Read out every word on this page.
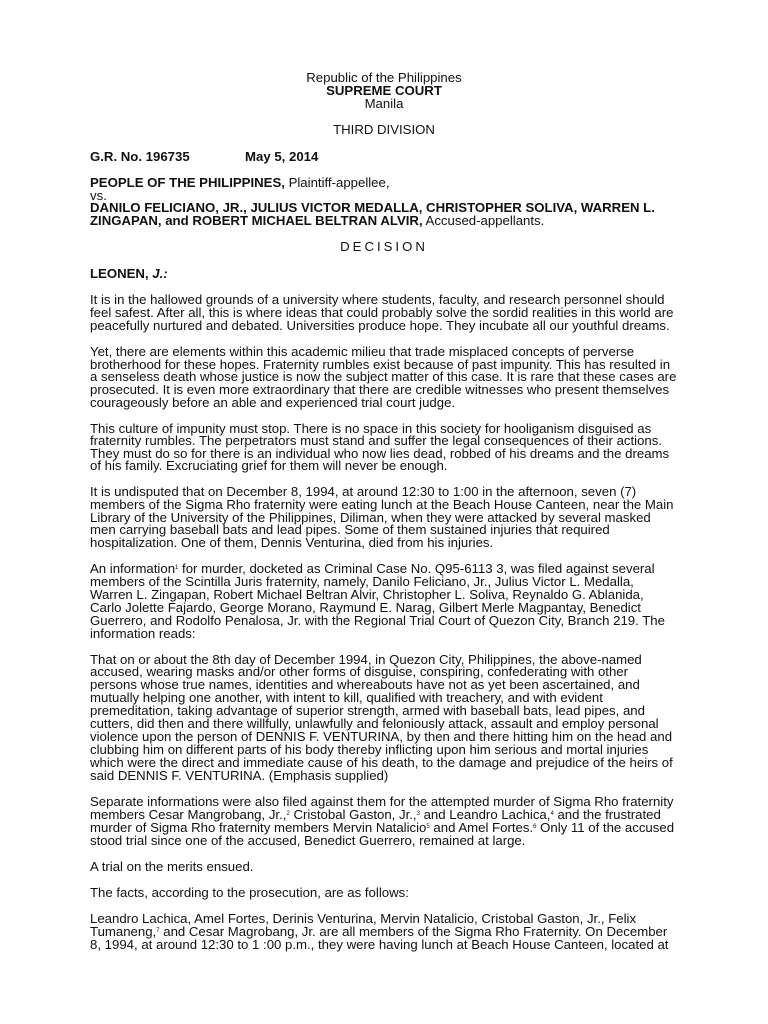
Republic of the Philippines
SUPREME COURT
Manila
THIRD DIVISION
G.R. No. 196735	May 5, 2014
PEOPLE OF THE PHILIPPINES, Plaintiff-appellee,
vs.
DANILO FELICIANO, JR., JULIUS VICTOR MEDALLA, CHRISTOPHER SOLIVA, WARREN L.
ZINGAPAN, and ROBERT MICHAEL BELTRAN ALVIR, Accused-appellants.
DECISION
LEONEN, J.:
It is in the hallowed grounds of a university where students, faculty, and research personnel should
feel safest. After all, this is where ideas that could probably solve the sordid realities in this world are
peacefully nurtured and debated. Universities produce hope. They incubate all our youthful dreams.
Yet, there are elements within this academic milieu that trade misplaced concepts of perverse
brotherhood for these hopes. Fraternity rumbles exist because of past impunity. This has resulted in
a senseless death whose justice is now the subject matter of this case. It is rare that these cases are
prosecuted. It is even more extraordinary that there are credible witnesses who present themselves
courageously before an able and experienced trial court judge.
This culture of impunity must stop. There is no space in this society for hooliganism disguised as
fraternity rumbles. The perpetrators must stand and suffer the legal consequences of their actions.
They must do so for there is an individual who now lies dead, robbed of his dreams and the dreams
of his family. Excruciating grief for them will never be enough.
It is undisputed that on December 8, 1994, at around 12:30 to 1:00 in the afternoon, seven (7)
members of the Sigma Rho fraternity were eating lunch at the Beach House Canteen, near the Main
Library of the University of the Philippines, Diliman, when they were attacked by several masked
men carrying baseball bats and lead pipes. Some of them sustained injuries that required
hospitalization. One of them, Dennis Venturina, died from his injuries.
An information$^1$ for murder, docketed as Criminal Case No. Q95-6113 3, was filed against several
members of the Scintilla Juris fraternity, namely, Danilo Feliciano, Jr., Julius Victor L. Medalla,
Warren L. Zingapan, Robert Michael Beltran Alvir, Christopher L. Soliva, Reynaldo G. Ablanida,
Carlo Jolette Fajardo, George Morano, Raymund E. Narag, Gilbert Merle Magpantay, Benedict
Guerrero, and Rodolfo Penalosa, Jr. with the Regional Trial Court of Quezon City, Branch 219. The
information reads:
That on or about the 8th day of December 1994, in Quezon City, Philippines, the above-named
accused, wearing masks and/or other forms of disguise, conspiring, confederating with other
persons whose true names, identities and whereabouts have not as yet been ascertained, and
mutually helping one another, with intent to kill, qualified with treachery, and with evident
premeditation, taking advantage of superior strength, armed with baseball bats, lead pipes, and
cutters, did then and there willfully, unlawfully and feloniously attack, assault and employ personal
violence upon the person of DENNIS F. VENTURINA, by then and there hitting him on the head and
clubbing him on different parts of his body thereby inflicting upon him serious and mortal injuries
which were the direct and immediate cause of his death, to the damage and prejudice of the heirs of
said DENNIS F. VENTURINA. (Emphasis supplied)
Separate informations were also filed against them for the attempted murder of Sigma Rho fraternity
members Cesar Mangrobang, Jr.,$^2$ Cristobal Gaston, Jr.,$^3$ and Leandro Lachica,$^4$ and the frustrated
murder of Sigma Rho fraternity members Mervin Natalicio$^5$ and Amel Fortes.$^6$ Only 11 of the accused
stood trial since one of the accused, Benedict Guerrero, remained at large.
A trial on the merits ensued.
The facts, according to the prosecution, are as follows:
Leandro Lachica, Amel Fortes, Derinis Venturina, Mervin Natalicio, Cristobal Gaston, Jr., Felix
Tumaneng,$^7$ and Cesar Magrobang, Jr. are all members of the Sigma Rho Fraternity. On December
8, 1994, at around 12:30 to 1 :00 p.m., they were having lunch at Beach House Canteen, located at
